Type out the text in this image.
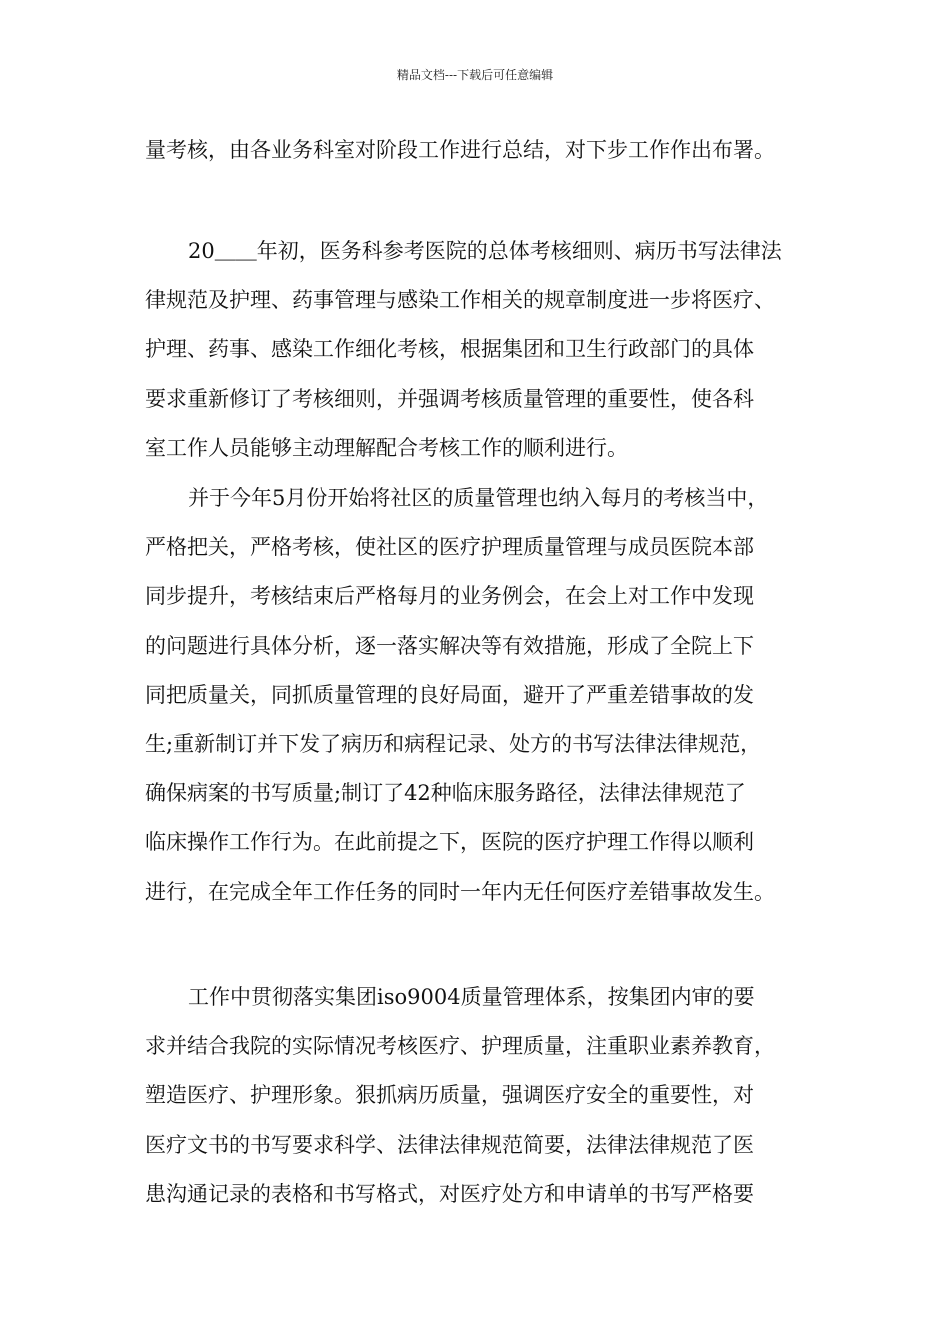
精品文档---下载后可任意编辑
量考核，由各业务科室对阶段工作进行总结，对下步工作作出布署。
20＿＿年初，医务科参考医院的总体考核细则、病历书写法律法
律规范及护理、药事管理与感染工作相关的规章制度进一步将医疗、
护理、药事、感染工作细化考核，根据集团和卫生行政部门的具体
要求重新修订了考核细则，并强调考核质量管理的重要性，使各科
室工作人员能够主动理解配合考核工作的顺利进行。
并于今年5月份开始将社区的质量管理也纳入每月的考核当中，
严格把关，严格考核，使社区的医疗护理质量管理与成员医院本部
同步提升，考核结束后严格每月的业务例会，在会上对工作中发现
的问题进行具体分析，逐一落实解决等有效措施，形成了全院上下
同把质量关，同抓质量管理的良好局面，避开了严重差错事故的发
生;重新制订并下发了病历和病程记录、处方的书写法律法律规范，
确保病案的书写质量;制订了42种临床服务路径，法律法律规范了
临床操作工作行为。在此前提之下，医院的医疗护理工作得以顺利
进行，在完成全年工作任务的同时一年内无任何医疗差错事故发生。
工作中贯彻落实集团iso9004质量管理体系，按集团内审的要
求并结合我院的实际情况考核医疗、护理质量，注重职业素养教育，
塑造医疗、护理形象。狠抓病历质量，强调医疗安全的重要性，对
医疗文书的书写要求科学、法律法律规范简要，法律法律规范了医
患沟通记录的表格和书写格式，对医疗处方和申请单的书写严格要
